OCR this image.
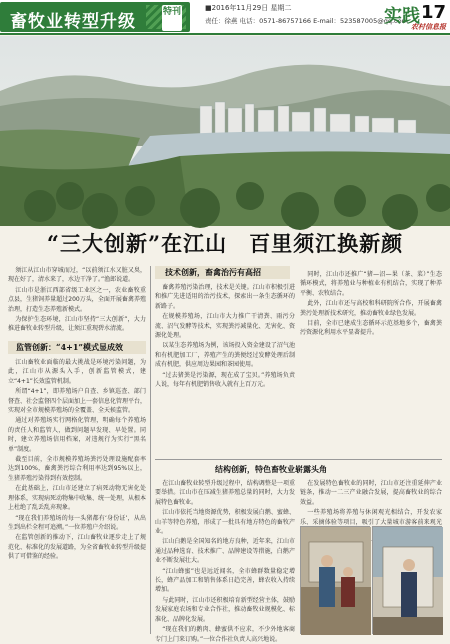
畜牧业转型升级	特刊	■2016年11月29日 星期二
责任：徐燕 电话：0571-86757166 E-mail：523587005@qq.com
实践 17
农村信息报
“三大创新”在江山　百里须江换新颜

须江从江山市穿城而过，“以前须江水又脏又臭，现在好了，清水来了，水边干净了。”渔郎说道。

江山市是浙江西部省级工业区之一，农业畜牧重点县，生猪饲养量超过200万头，全面开展畜禽养殖治理，打造生态养殖新模式。

为保护生态环境，江山市坚持“三大创新”，大力推进畜牧业转型升级，让须江重现碧水清流。

监管创新：“4+1”模式显成效

江山畜牧业面临的最大挑战是环境污染问题，为此，江山市从源头入手，创新监管模式，建立“4+1”长效监管机制。

所谓“4+1”，即养殖场户自查、乡镇巡查、部门督查、社会监督四个层面加上一套信息化管理平台，实现对全市规模养殖场的全覆盖、全天候监管。

通过对养殖场实行网格化管理，明确每个养殖场的责任人和监管人，做到问题早发现、早处置。同时，建立养殖场信用档案，对违规行为实行“黑名单”制度。

截至目前，全市规模养殖场粪污处理设施配套率达到100%，畜禽粪污综合利用率达到95%以上，生猪养殖污染得到有效控制。

在此基础上，江山市还建立了病死动物无害化处理体系，实现病死动物集中收集、统一处理，从根本上杜绝了乱丢乱弃现象。

“现在我们养殖场的每一头猪都有‘身份证’，从出生到出栏全程可追溯。”一位养殖户介绍说。

在监管创新的推动下，江山畜牧业逐步走上了规范化、标准化的发展道路，为全省畜牧业转型升级提供了可借鉴的经验。

技术创新，畜禽治污有高招

畜禽养殖污染治理，技术是关键。江山市积极引进和推广先进适用的治污技术，探索出一条生态循环的新路子。

在规模养殖场，江山市大力推广干清粪、雨污分流、沼气发酵等技术，实现粪污减量化、无害化、资源化处理。

以某生态养殖场为例，该场投入资金建设了沼气池和有机肥加工厂，养殖产生的粪便经过发酵处理后制成有机肥，供应周边果园和茶园使用。

“过去猪粪是污染源，现在成了宝贝。”养殖场负责人说，每年有机肥销售收入就有上百万元。

同时，江山市还推广“猪—沼—果（茶、菜）”生态循环模式，将养殖业与种植业有机结合，实现了种养平衡、农牧结合。

此外，江山市还与高校和科研院所合作，开展畜禽粪污处理新技术研究，推动畜牧业绿色发展。

目前，全市已建成生态循环示范基地多个，畜禽粪污资源化利用水平显著提升。

结构创新，特色畜牧业崭露头角

在江山畜牧业转型升级过程中，结构调整是一项重要举措。江山市在压减生猪养殖总量的同时，大力发展特色畜牧业。

江山市依托当地资源优势，积极发展白鹅、蜜蜂、山羊等特色养殖，形成了一批具有地方特色的畜牧产业。

江山白鹅是全国知名的地方良种，近年来，江山市通过品种选育、技术推广、品牌建设等措施，白鹅产业不断发展壮大。

“江山蜂蜜”也是远近闻名，全市蜂群数量稳定增长，蜂产品加工和销售体系日趋完善，蜂农收入持续增加。

与此同时，江山市还积极培育新型经营主体，鼓励发展家庭农场和专业合作社，推动畜牧业规模化、标准化、品牌化发展。

“现在我们的鹅肉、蜂蜜供不应求，不少外地客商专门上门来订购。”一位合作社负责人高兴地说。

在发展特色畜牧业的同时，江山市还注重延伸产业链条，推动一二三产业融合发展，提高畜牧业的综合效益。

一些养殖场将养殖与休闲观光相结合，开发农家乐、采摘体验等项目，吸引了大量城市游客前来观光
